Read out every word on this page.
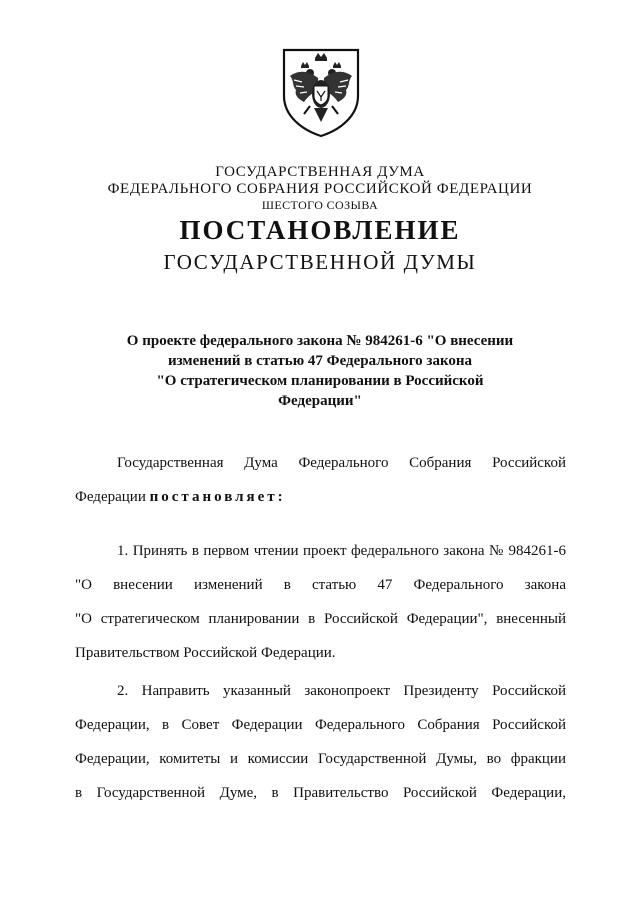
ГОСУДАРСТВЕННАЯ ДУМА
ФЕДЕРАЛЬНОГО СОБРАНИЯ РОССИЙСКОЙ ФЕДЕРАЦИИ
ШЕСТОГО СОЗЫВА
ПОСТАНОВЛЕНИЕ
ГОСУДАРСТВЕННОЙ ДУМЫ
О проекте федерального закона № 984261-6 "О внесении
изменений в статью 47 Федерального закона
"О стратегическом планировании в Российской
Федерации"
Государственная Дума Федерального Собрания Российской
Федерации постановляет:
1. Принять в первом чтении проект федерального закона № 984261-6
"О внесении изменений в статью 47 Федерального закона
"О стратегическом планировании в Российской Федерации", внесенный
Правительством Российской Федерации.
2. Направить указанный законопроект Президенту Российской
Федерации, в Совет Федерации Федерального Собрания Российской
Федерации, комитеты и комиссии Государственной Думы, во фракции
в Государственной Думе, в Правительство Российской Федерации,
